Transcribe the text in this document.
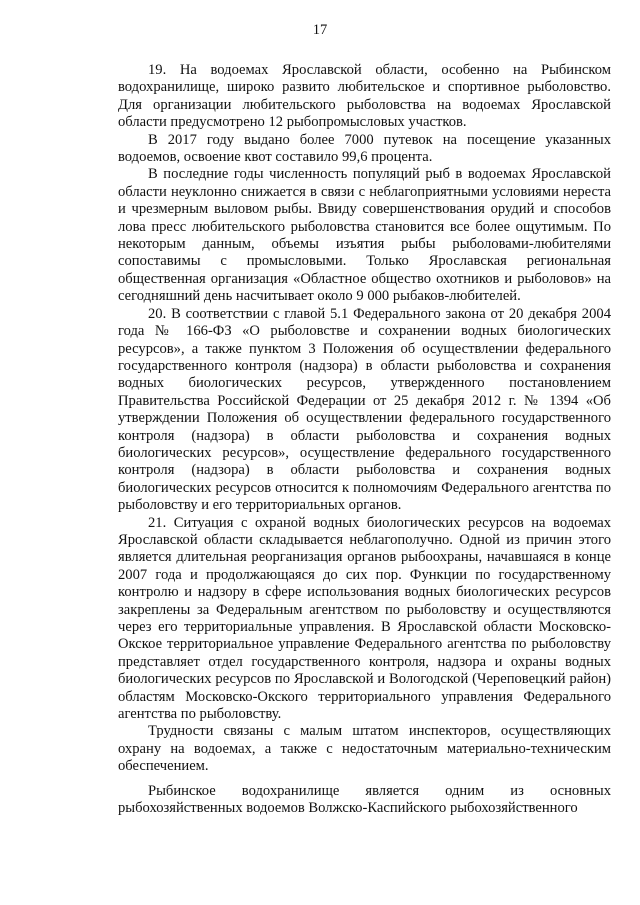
17

19. На водоемах Ярославской области, особенно на Рыбинском водохранилище, широко развито любительское и спортивное рыболовство. Для организации любительского рыболовства на водоемах Ярославской области предусмотрено 12 рыбопромысловых участков.

В 2017 году выдано более 7000 путевок на посещение указанных водоемов, освоение квот составило 99,6 процента.

В последние годы численность популяций рыб в водоемах Ярославской области неуклонно снижается в связи с неблагоприятными условиями нереста и чрезмерным выловом рыбы. Ввиду совершенствования орудий и способов лова пресс любительского рыболовства становится все более ощутимым. По некоторым данным, объемы изъятия рыбы рыболовами-любителями сопоставимы с промысловыми. Только Ярославская региональная общественная организация «Областное общество охотников и рыболовов» на сегодняшний день насчитывает около 9 000 рыбаков-любителей.

20. В соответствии с главой 5.1 Федерального закона от 20 декабря 2004 года № 166-ФЗ «О рыболовстве и сохранении водных биологических ресурсов», а также пунктом 3 Положения об осуществлении федерального государственного контроля (надзора) в области рыболовства и сохранения водных биологических ресурсов, утвержденного постановлением Правительства Российской Федерации от 25 декабря 2012 г. № 1394 «Об утверждении Положения об осуществлении федерального государственного контроля (надзора) в области рыболовства и сохранения водных биологических ресурсов», осуществление федерального государственного контроля (надзора) в области рыболовства и сохранения водных биологических ресурсов относится к полномочиям Федерального агентства по рыболовству и его территориальных органов.

21. Ситуация с охраной водных биологических ресурсов на водоемах Ярославской области складывается неблагополучно. Одной из причин этого является длительная реорганизация органов рыбоохраны, начавшаяся в конце 2007 года и продолжающаяся до сих пор. Функции по государственному контролю и надзору в сфере использования водных биологических ресурсов закреплены за Федеральным агентством по рыболовству и осуществляются через его территориальные управления. В Ярославской области Московско-Окское территориальное управление Федерального агентства по рыболовству представляет отдел государственного контроля, надзора и охраны водных биологических ресурсов по Ярославской и Вологодской (Череповецкий район) областям Московско-Окского территориального управления Федерального агентства по рыболовству.

Трудности связаны с малым штатом инспекторов, осуществляющих охрану на водоемах, а также с недостаточным материально-техническим обеспечением.

Рыбинское водохранилище является одним из основных рыбохозяйственных водоемов Волжско-Каспийского рыбохозяйственного
